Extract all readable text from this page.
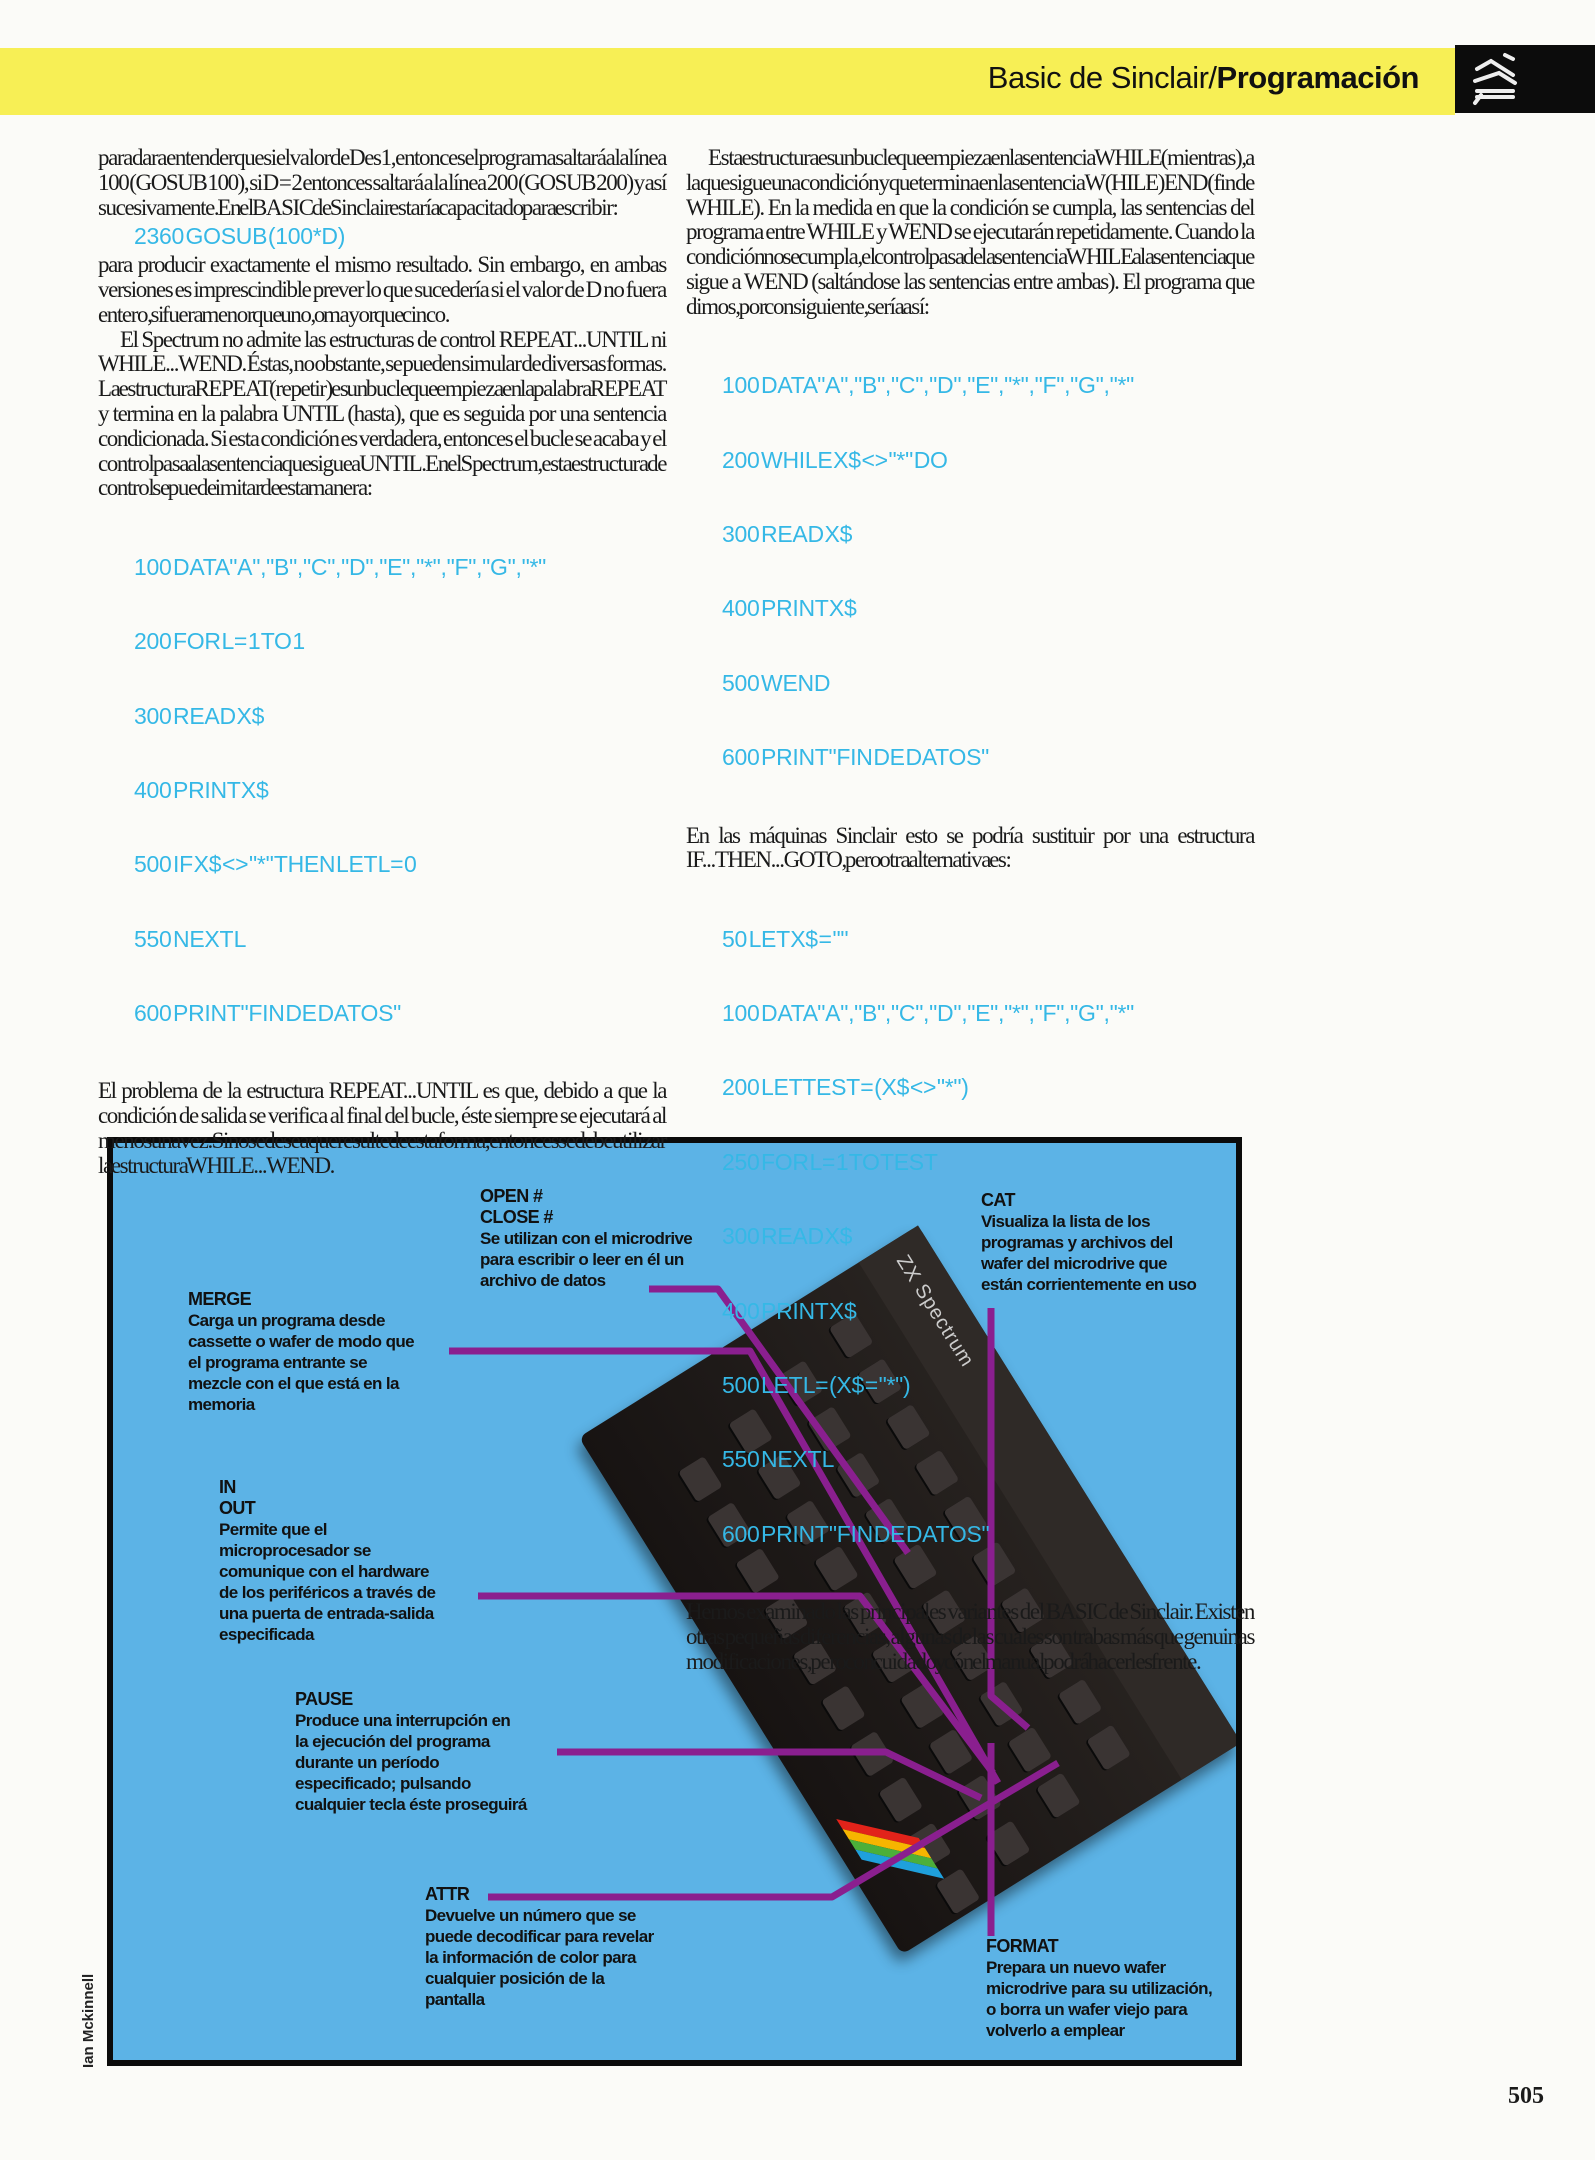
Basic de Sinclair/Programación

para dar a entender que si el valor de D es 1, entonces el programa saltará a la línea 100 (GOSUB 100), si D = 2 entonces saltará a la línea 200 (GOSUB 200) y así sucesivamente. En el BASIC de Sinclair estaría capacitado para escribir:

2360  GOSUB (100*D)

para producir exactamente el mismo resultado. Sin embargo, en ambas versiones es imprescindible prever lo que sucedería si el valor de D no fuera entero, si fuera menor que uno, o mayor que cinco.

El Spectrum no admite las estructuras de control REPEAT...UNTIL ni WHILE...WEND. Éstas, no obstante, se pueden simular de diversas formas. La estructura REPEAT (repetir) es un bucle que empieza en la palabra REPEAT y termina en la palabra UNTIL (hasta), que es seguida por una sentencia condicionada. Si esta condición es verdadera, entonces el bucle se acaba y el control pasa a la sentencia que sigue a UNTIL. En el Spectrum, esta estructura de control se puede imitar de esta manera:

100  DATA "A","B","C","D","E","*","F","G","*"

200  FOR L = 1 TO 1

300  READ X$

400  PRINT X$

500  IF X$ <> "*" THEN LET L = 0

550  NEXT L

600  PRINT"FIN DE DATOS"

El problema de la estructura REPEAT...UNTIL es que, debido a que la condición de salida se verifica al final del bucle, éste siempre se ejecutará al menos una vez. Si no se desea que resulte de esta forma, entonces se debe utilizar la estructura WHILE...WEND.

Esta estructura es un bucle que empieza en la sentencia WHILE (mientras), a la que sigue una condición y que termina en la sentencia W(HILE)END (fin de WHILE). En la medida en que la condición se cumpla, las sentencias del programa entre WHILE y WEND se ejecutarán repetidamente. Cuando la condición no se cumpla, el control pasa de la sentencia WHILE a la sentencia que sigue a WEND (saltándose las sentencias entre ambas). El programa que dimos, por consiguiente, sería así:

100  DATA "A","B","C","D","E","*","F","G","*"

200  WHILE X$ <> "*" DO

300  READ X$

400  PRINT X$

500  WEND

600  PRINT"FIN DE DATOS"

En las máquinas Sinclair esto se podría sustituir por una estructura IF...THEN...GOTO, pero otra alternativa es:

50  LET X$ = ""

100  DATA "A","B","C","D","E","*","F","G","*"

200  LET TEST = (X$ <> "*")

250  FOR L = 1 TO TEST

300  READ X$

400  PRINT X$

500  LET L = (X$ = "*")

550  NEXT L

600  PRINT "FIN DE DATOS"

Hemos examinado las principales variantes del BASIC de Sinclair. Existen otras pequeñas diferencias, algunas de las cuales son trabas más que genuinas modificaciones, pero con cuidado y cón el manual podrá hacerles frente.

ZX Spectrum
OPEN #
CLOSE #
Se utilizan con el microdrive
para escribir o leer en él un
archivo de datos
CAT
Visualiza la lista de los
programas y archivos del
wafer del microdrive que
están corrientemente en uso
MERGE
Carga un programa desde
cassette o wafer de modo que
el programa entrante se
mezcle con el que está en la
memoria
IN
OUT
Permite que el
microprocesador se
comunique con el hardware
de los periféricos a través de
una puerta de entrada-salida
especificada
PAUSE
Produce una interrupción en
la ejecución del programa
durante un período
especificado; pulsando
cualquier tecla éste proseguirá
ATTR
Devuelve un número que se
puede decodificar para revelar
la información de color para
cualquier posición de la
pantalla
FORMAT
Prepara un nuevo wafer
microdrive para su utilización,
o borra un wafer viejo para
volverlo a emplear
Ian Mckinnell
505
